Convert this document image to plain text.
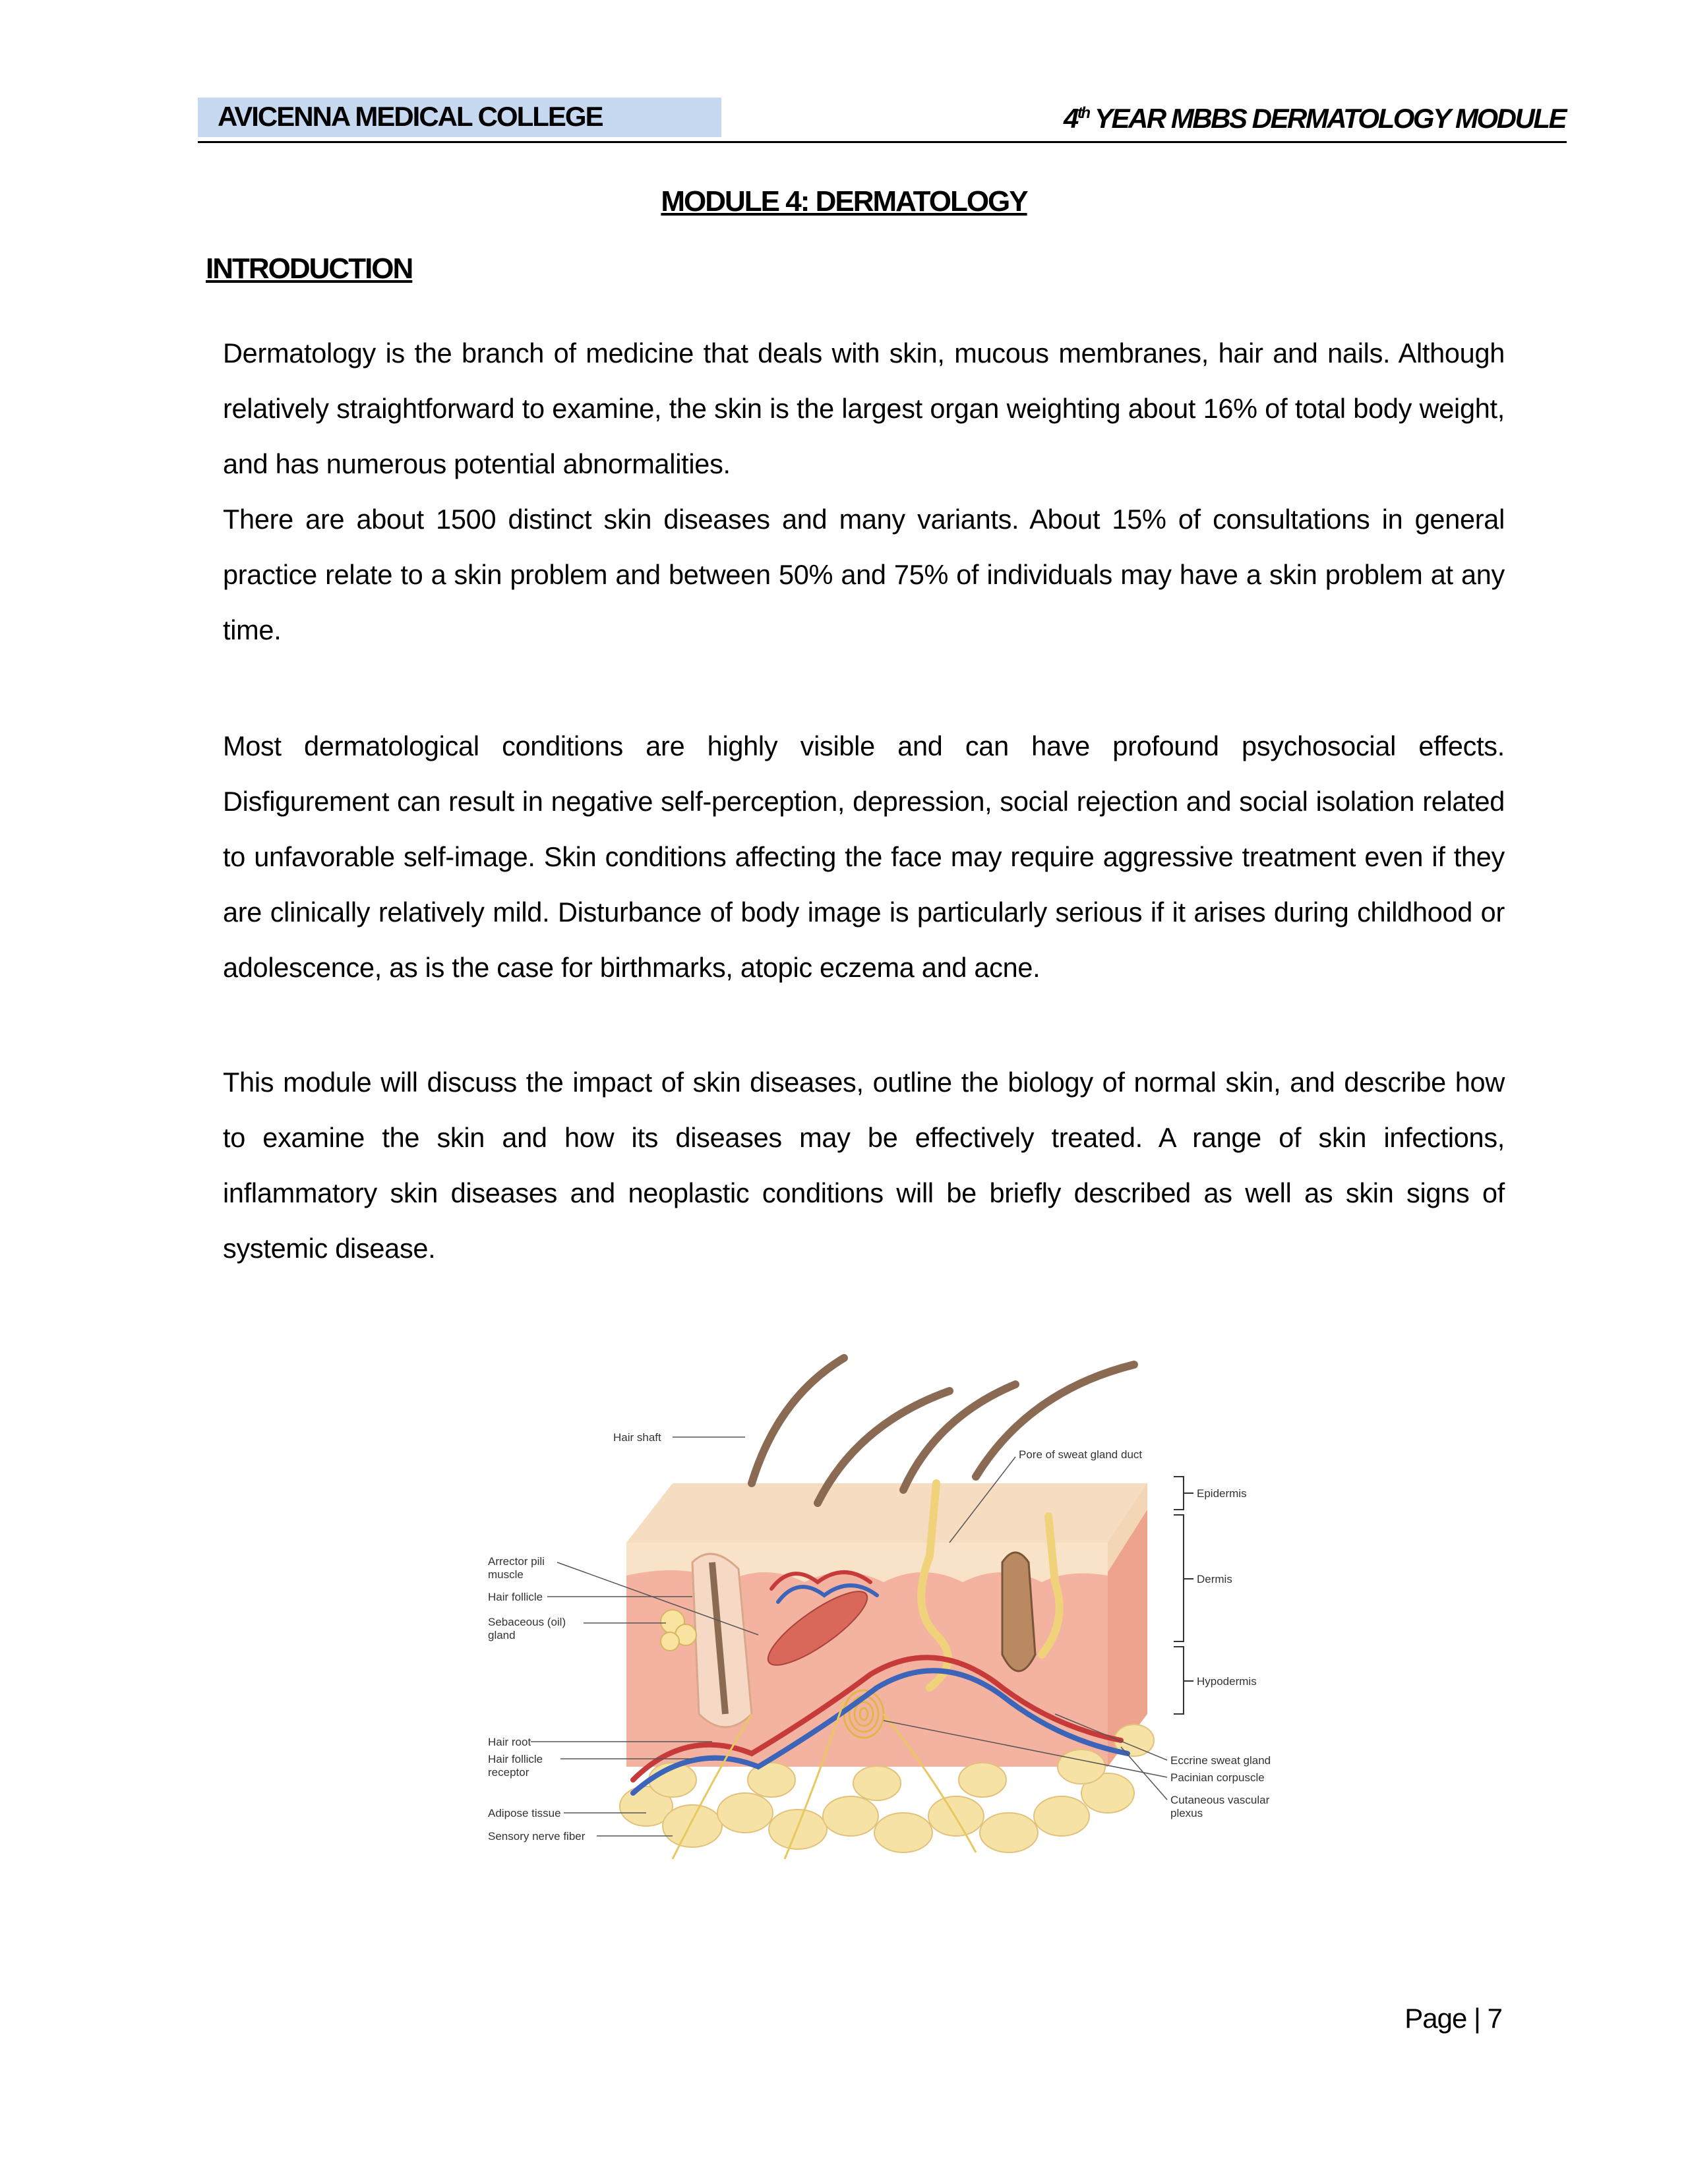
AVICENNA MEDICAL COLLEGE	4th YEAR MBBS DERMATOLOGY MODULE
MODULE 4: DERMATOLOGY
INTRODUCTION

Dermatology is the branch of medicine that deals with skin, mucous membranes, hair and nails. Although relatively straightforward to examine, the skin is the largest organ weighting about 16% of total body weight, and has numerous potential abnormalities.

There are about 1500 distinct skin diseases and many variants. About 15% of consultations in general practice relate to a skin problem and between 50% and 75% of individuals may have a skin problem at any time.

Most dermatological conditions are highly visible and can have profound psychosocial effects. Disfigurement can result in negative self-perception, depression, social rejection and social isolation related to unfavorable self-image. Skin conditions affecting the face may require aggressive treatment even if they are clinically relatively mild. Disturbance of body image is particularly serious if it arises during childhood or adolescence, as is the case for birthmarks, atopic eczema and acne.

This module will discuss the impact of skin diseases, outline the biology of normal skin, and describe how to examine the skin and how its diseases may be effectively treated. A range of skin infections, inflammatory skin diseases and neoplastic conditions will be briefly described as well as skin signs of systemic disease.

Hair shaft
Pore of sweat gland duct
Epidermis
Dermis
Hypodermis
Arrector pili
muscle
Hair follicle
Sebaceous (oil)
gland
Hair root
Hair follicle
receptor
Adipose tissue
Sensory nerve fiber
Eccrine sweat gland
Pacinian corpuscle
Cutaneous vascular
plexus
Page | 7
